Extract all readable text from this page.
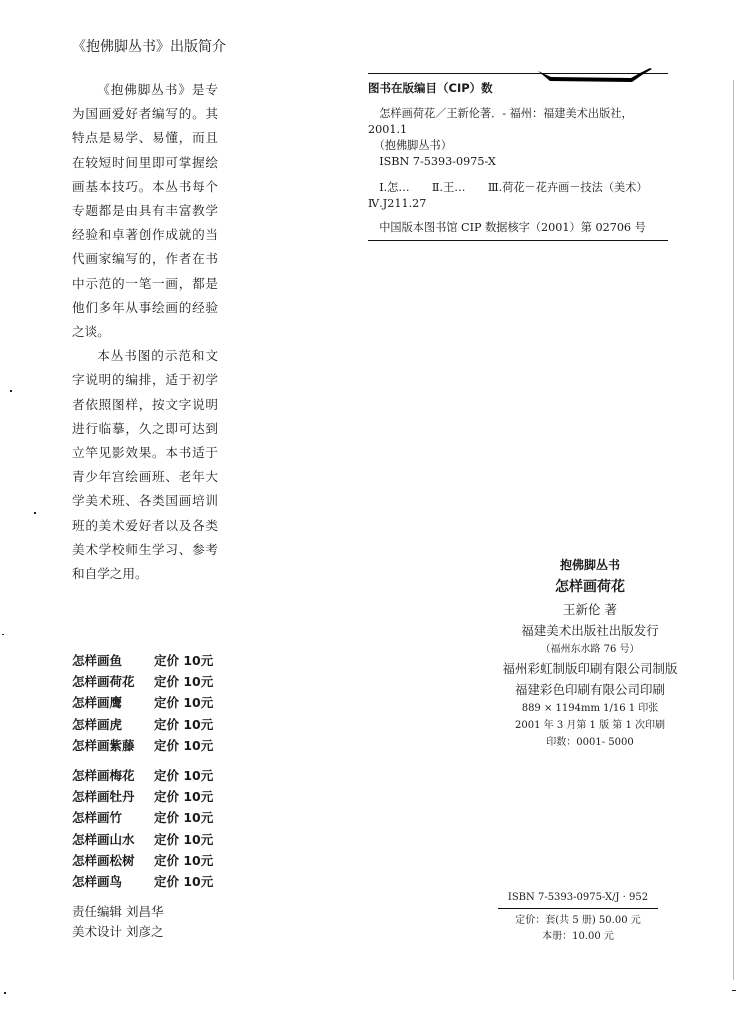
《抱佛脚丛书》出版简介

《抱佛脚丛书》是专为国画爱好者编写的。其特点是易学、易懂，而且在较短时间里即可掌握绘画基本技巧。本丛书每个专题都是由具有丰富教学经验和卓著创作成就的当代画家编写的，作者在书中示范的一笔一画，都是他们多年从事绘画的经验之谈。

本丛书图的示范和文字说明的编排，适于初学者依照图样，按文字说明进行临摹，久之即可达到立竿见影效果。本书适于青少年宫绘画班、老年大学美术班、各类国画培训班的美术爱好者以及各类美术学校师生学习、参考和自学之用。

怎样画鱼	定价 10元
怎样画荷花 定价 10元
怎样画鹰	定价 10元
怎样画虎	定价 10元
怎样画紫藤 定价 10元
怎样画梅花 定价 10元
怎样画牡丹 定价 10元
怎样画竹	定价 10元
怎样画山水 定价 10元
怎样画松树 定价 10元
怎样画鸟	定价 10元
责任编辑 刘昌华
美术设计 刘彦之
图书在版编目（CIP）数
　怎样画荷花／王新伦著．- 福州：福建美术出版社，2001.1
　（抱佛脚丛书）
　ISBN 7-5393-0975-X
　Ⅰ.怎…　　Ⅱ.王…　　Ⅲ.荷花－花卉画－技法（美术）　Ⅳ.J211.27
　中国版本图书馆 CIP 数据核字（2001）第 02706 号
抱佛脚丛书
怎样画荷花
王新伦 著
福建美术出版社出版发行
（福州东水路 76 号）
福州彩虹制版印刷有限公司制版
福建彩色印刷有限公司印刷
889 × 1194mm 1/16 1 印张
2001 年 3 月第 1 版 第 1 次印刷
印数：0001- 5000
ISBN 7-5393-0975-X/J · 952
定价：套(共 5 册) 50.00 元
本册：10.00 元
